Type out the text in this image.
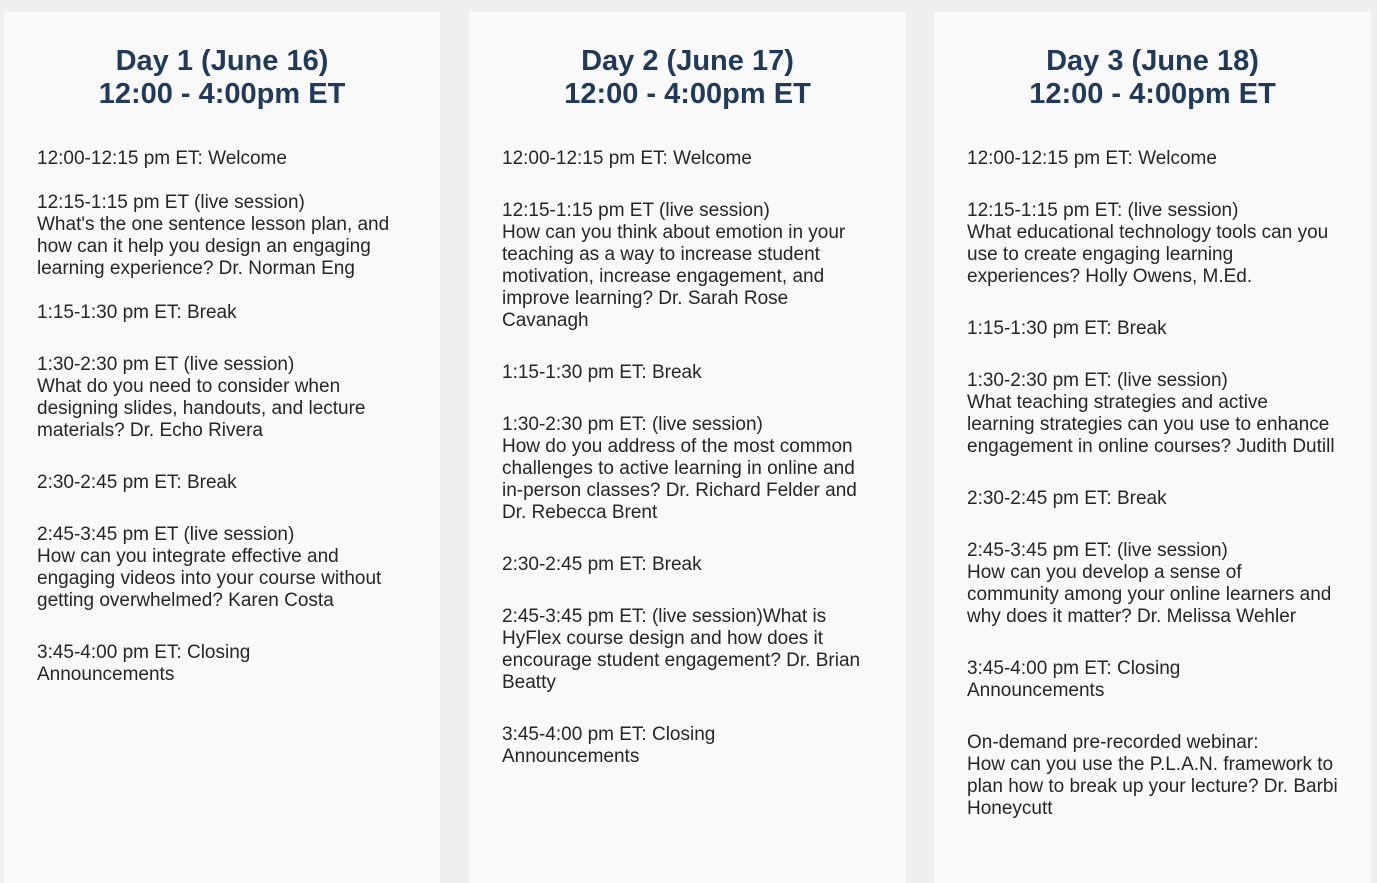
Day 1 (June 16)
12:00 - 4:00pm ET

12:00-12:15 pm ET: Welcome

12:15-1:15 pm ET (live session)
What's the one sentence lesson plan, and how can it help you design an engaging learning experience? Dr. Norman Eng

1:15-1:30 pm ET: Break

1:30-2:30 pm ET (live session)
What do you need to consider when designing slides, handouts, and lecture materials? Dr. Echo Rivera

2:30-2:45 pm ET: Break

2:45-3:45 pm ET (live session)
How can you integrate effective and engaging videos into your course without getting overwhelmed? Karen Costa

3:45-4:00 pm ET: Closing Announcements

Day 2 (June 17)
12:00 - 4:00pm ET

12:00-12:15 pm ET: Welcome

12:15-1:15 pm ET (live session)
How can you think about emotion in your teaching as a way to increase student motivation, increase engagement, and improve learning? Dr. Sarah Rose Cavanagh

1:15-1:30 pm ET: Break

1:30-2:30 pm ET: (live session)
How do you address of the most common challenges to active learning in online and in-person classes? Dr. Richard Felder and Dr. Rebecca Brent

2:30-2:45 pm ET: Break

2:45-3:45 pm ET: (live session)What is HyFlex course design and how does it encourage student engagement? Dr. Brian Beatty

3:45-4:00 pm ET: Closing Announcements

Day 3 (June 18)
12:00 - 4:00pm ET

12:00-12:15 pm ET: Welcome

12:15-1:15 pm ET: (live session)
What educational technology tools can you use to create engaging learning experiences? Holly Owens, M.Ed.

1:15-1:30 pm ET: Break

1:30-2:30 pm ET: (live session)
What teaching strategies and active learning strategies can you use to enhance engagement in online courses? Judith Dutill

2:30-2:45 pm ET: Break

2:45-3:45 pm ET: (live session)
How can you develop a sense of community among your online learners and why does it matter? Dr. Melissa Wehler

3:45-4:00 pm ET: Closing Announcements

On-demand pre-recorded webinar:
How can you use the P.L.A.N. framework to plan how to break up your lecture? Dr. Barbi Honeycutt
